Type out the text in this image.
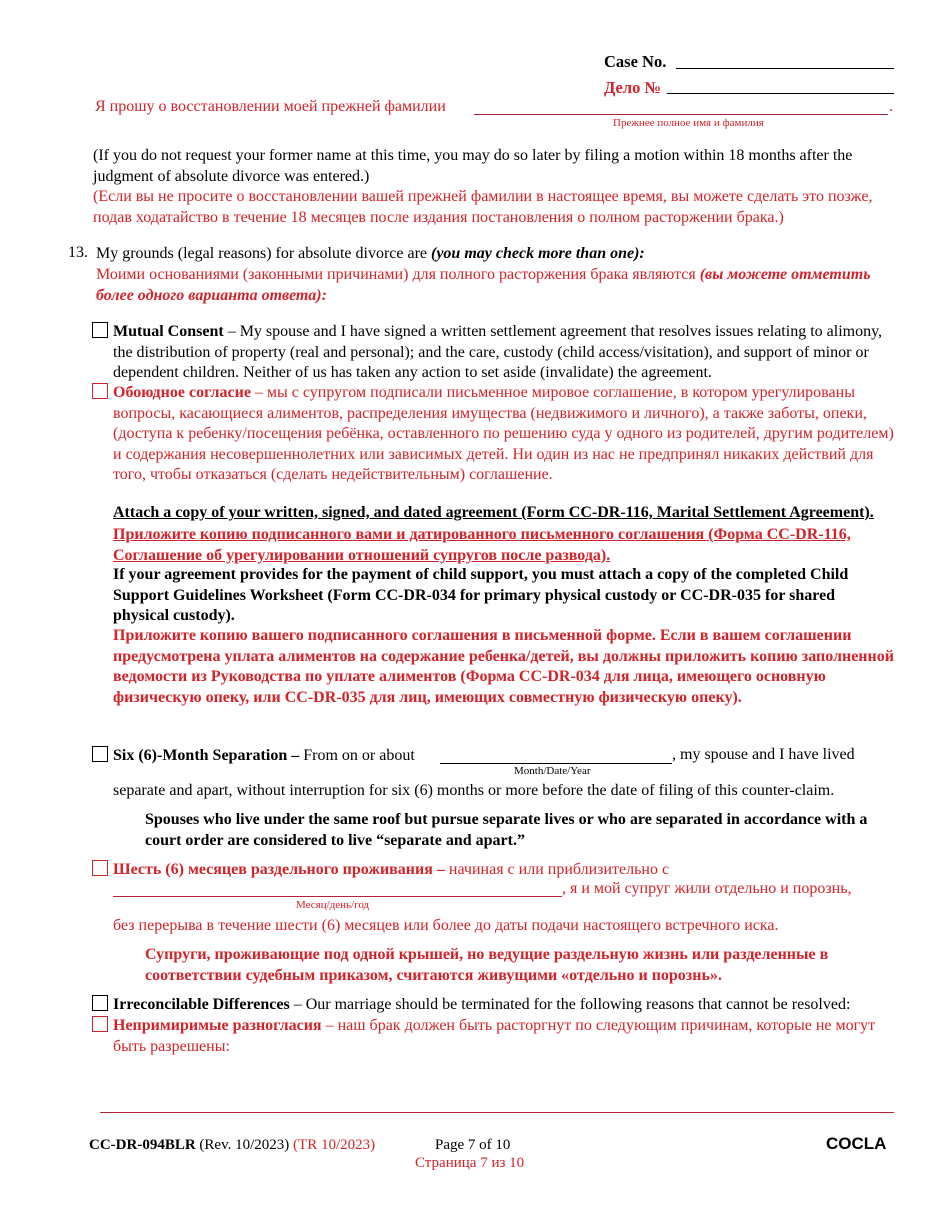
Case No.
Дело №
Я прошу о восстановлении моей прежней фамилии	.
Прежнее полное имя и фамилия
(If you do not request your former name at this time, you may do so later by filing a motion within 18 months after the judgment of absolute divorce was entered.)
(Если вы не просите о восстановлении вашей прежней фамилии в настоящее время, вы можете сделать это позже, подав ходатайство в течение 18 месяцев после издания постановления о полном расторжении брака.)
13. My grounds (legal reasons) for absolute divorce are (you may check more than one):
Моими основаниями (законными причинами) для полного расторжения брака являются (вы можете отметить более одного варианта ответа):
Mutual Consent – My spouse and I have signed a written settlement agreement that resolves issues relating to alimony, the distribution of property (real and personal); and the care, custody (child access/visitation), and support of minor or dependent children. Neither of us has taken any action to set aside (invalidate) the agreement.
Обоюдное согласие – мы с супругом подписали письменное мировое соглашение, в котором урегулированы вопросы, касающиеся алиментов, распределения имущества (недвижимого и личного), а также заботы, опеки, (доступа к ребенку/посещения ребёнка, оставленного по решению суда у одного из родителей, другим родителем) и содержания несовершеннолетних или зависимых детей. Ни один из нас не предпринял никаких действий для того, чтобы отказаться (сделать недействительным) соглашение.
Attach a copy of your written, signed, and dated agreement (Form CC-DR-116, Marital Settlement Agreement).
Приложите копию подписанного вами и датированного письменного соглашения (Форма CC-DR-116, Соглашение об урегулировании отношений супругов после развода).
If your agreement provides for the payment of child support, you must attach a copy of the completed Child Support Guidelines Worksheet (Form CC-DR-034 for primary physical custody or CC-DR-035 for shared physical custody).
Приложите копию вашего подписанного соглашения в письменной форме. Если в вашем соглашении предусмотрена уплата алиментов на содержание ребенка/детей, вы должны приложить копию заполненной ведомости из Руководства по уплате алиментов (Форма CC-DR-034 для лица, имеющего основную физическую опеку, или CC-DR-035 для лиц, имеющих совместную физическую опеку).
Six (6)-Month Separation – From on or about	, my spouse and I have lived
Month/Date/Year
separate and apart, without interruption for six (6) months or more before the date of filing of this counter-claim.
Spouses who live under the same roof but pursue separate lives or who are separated in accordance with a court order are considered to live “separate and apart.”
Шесть (6) месяцев раздельного проживания – начиная с или приблизительно с
, я и мой супруг жили отдельно и порознь,
Месяц/день/год
без перерыва в течение шести (6) месяцев или более до даты подачи настоящего встречного иска.
Супруги, проживающие под одной крышей, но ведущие раздельную жизнь или разделенные в соответствии судебным приказом, считаются живущими «отдельно и порознь».
Irreconcilable Differences – Our marriage should be terminated for the following reasons that cannot be resolved:
Непримиримые разногласия – наш брак должен быть расторгнут по следующим причинам, которые не могут быть разрешены:
CC-DR-094BLR (Rev. 10/2023) (TR 10/2023)	Page 7 of 10
Страница 7 из 10
COCLA
